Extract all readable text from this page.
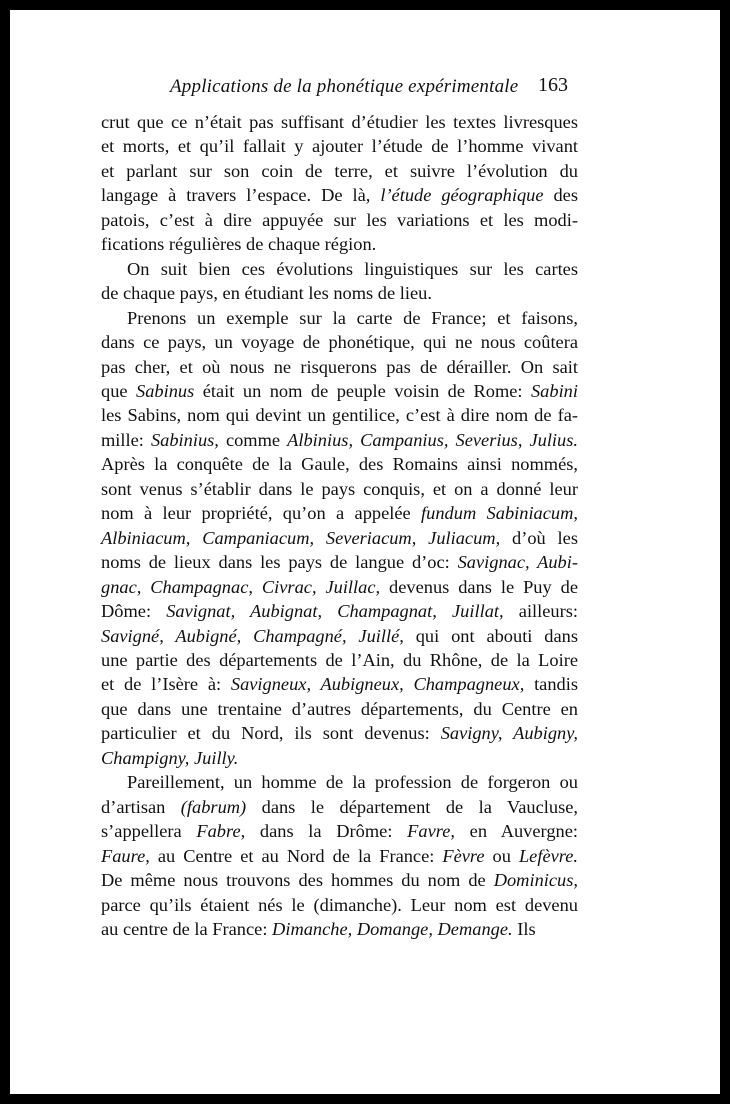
Applications de la phonétique expérimentale 163
crut que ce n’était pas suffisant d’étudier les textes livresques
et morts, et qu’il fallait y ajouter l’étude de l’homme vivant
et parlant sur son coin de terre, et suivre l’évolution du
langage à travers l’espace. De là, l’étude géographique des
patois, c’est à dire appuyée sur les variations et les modi-
fications régulières de chaque région.
On suit bien ces évolutions linguistiques sur les cartes
de chaque pays, en étudiant les noms de lieu.
Prenons un exemple sur la carte de France; et faisons,
dans ce pays, un voyage de phonétique, qui ne nous coûtera
pas cher, et où nous ne risquerons pas de dérailler. On sait
que Sabinus était un nom de peuple voisin de Rome: Sabini
les Sabins, nom qui devint un gentilice, c’est à dire nom de fa-
mille: Sabinius, comme Albinius, Campanius, Severius, Julius.
Après la conquête de la Gaule, des Romains ainsi nommés,
sont venus s’établir dans le pays conquis, et on a donné leur
nom à leur propriété, qu’on a appelée fundum Sabiniacum,
Albiniacum, Campaniacum, Severiacum, Juliacum, d’où les
noms de lieux dans les pays de langue d’oc: Savignac, Aubi-
gnac, Champagnac, Civrac, Juillac, devenus dans le Puy de
Dôme: Savignat, Aubignat, Champagnat, Juillat, ailleurs:
Savigné, Aubigné, Champagné, Juillé, qui ont abouti dans
une partie des départements de l’Ain, du Rhône, de la Loire
et de l’Isère à: Savigneux, Aubigneux, Champagneux, tandis
que dans une trentaine d’autres départements, du Centre en
particulier et du Nord, ils sont devenus: Savigny, Aubigny,
Champigny, Juilly.
Pareillement, un homme de la profession de forgeron ou
d’artisan (fabrum) dans le département de la Vaucluse,
s’appellera Fabre, dans la Drôme: Favre, en Auvergne:
Faure, au Centre et au Nord de la France: Fèvre ou Lefèvre.
De même nous trouvons des hommes du nom de Dominicus,
parce qu’ils étaient nés le (dimanche). Leur nom est devenu
au centre de la France: Dimanche, Domange, Demange. Ils
